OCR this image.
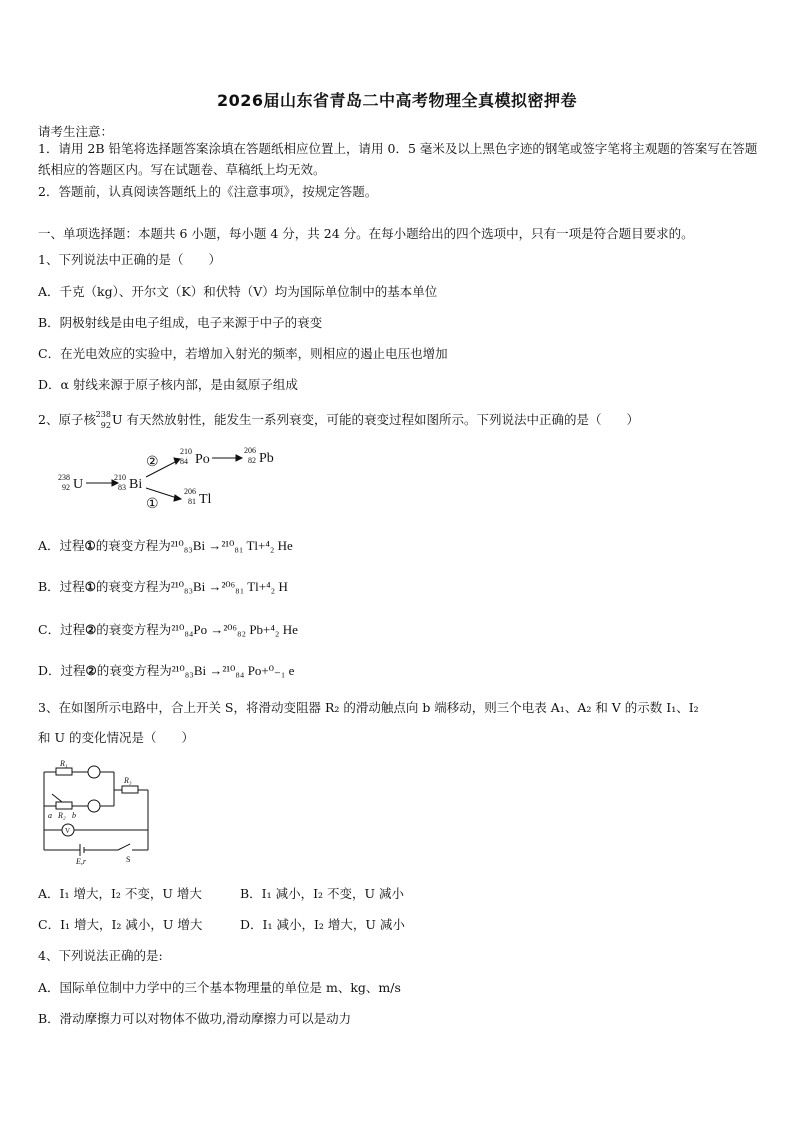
2026届山东省青岛二中高考物理全真模拟密押卷
请考生注意：
1．请用 2B 铅笔将选择题答案涂填在答题纸相应位置上，请用 0．5 毫米及以上黑色字迹的钢笔或签字笔将主观题的答案写在答题纸相应的答题区内。写在试题卷、草稿纸上均无效。
2．答题前，认真阅读答题纸上的《注意事项》，按规定答题。
一、单项选择题：本题共 6 小题，每小题 4 分，共 24 分。在每小题给出的四个选项中，只有一项是符合题目要求的。
1、下列说法中正确的是（　　）
A．千克（kg）、开尔文（K）和伏特（V）均为国际单位制中的基本单位
B．阴极射线是由电子组成，电子来源于中子的衰变
C．在光电效应的实验中，若增加入射光的频率，则相应的遏止电压也增加
D．α 射线来源于原子核内部，是由氦原子组成
2、原子核 238
92 U 有天然放射性，能发生一系列衰变，可能的衰变过程如图所示。下列说法中正确的是（　　）
238
92 U	210
83 Bi
210
84 Po
206
82 Pb
206
81 Tl
②
①
A．过程①的衰变方程为²¹⁰₈₃Bi →²¹⁰₈₁ Tl+⁴₂ He
B．过程①的衰变方程为²¹⁰₈₃Bi →²⁰⁶₈₁ Tl+⁴₂ H
C．过程②的衰变方程为²¹⁰₈₄Po →²⁰⁶₈₂ Pb+⁴₂ He
D．过程②的衰变方程为²¹⁰₈₃Bi →²¹⁰₈₄ Po+⁰₋₁ e
3、在如图所示电路中，合上开关 S，将滑动变阻器 R₂ 的滑动触点向 b 端移动，则三个电表 A₁、A₂ 和 V 的示数 I₁、I₂
和 U 的变化情况是（　　）
R₁
R₃
a R₂ b
E,r	S
V
A．I₁ 增大，I₂ 不变，U 增大	B．I₁ 减小，I₂ 不变，U 减小
C．I₁ 增大，I₂ 减小，U 增大	D．I₁ 减小，I₂ 增大，U 减小
4、下列说法正确的是:
A．国际单位制中力学中的三个基本物理量的单位是 m、kg、m/s
B．滑动摩擦力可以对物体不做功,滑动摩擦力可以是动力
